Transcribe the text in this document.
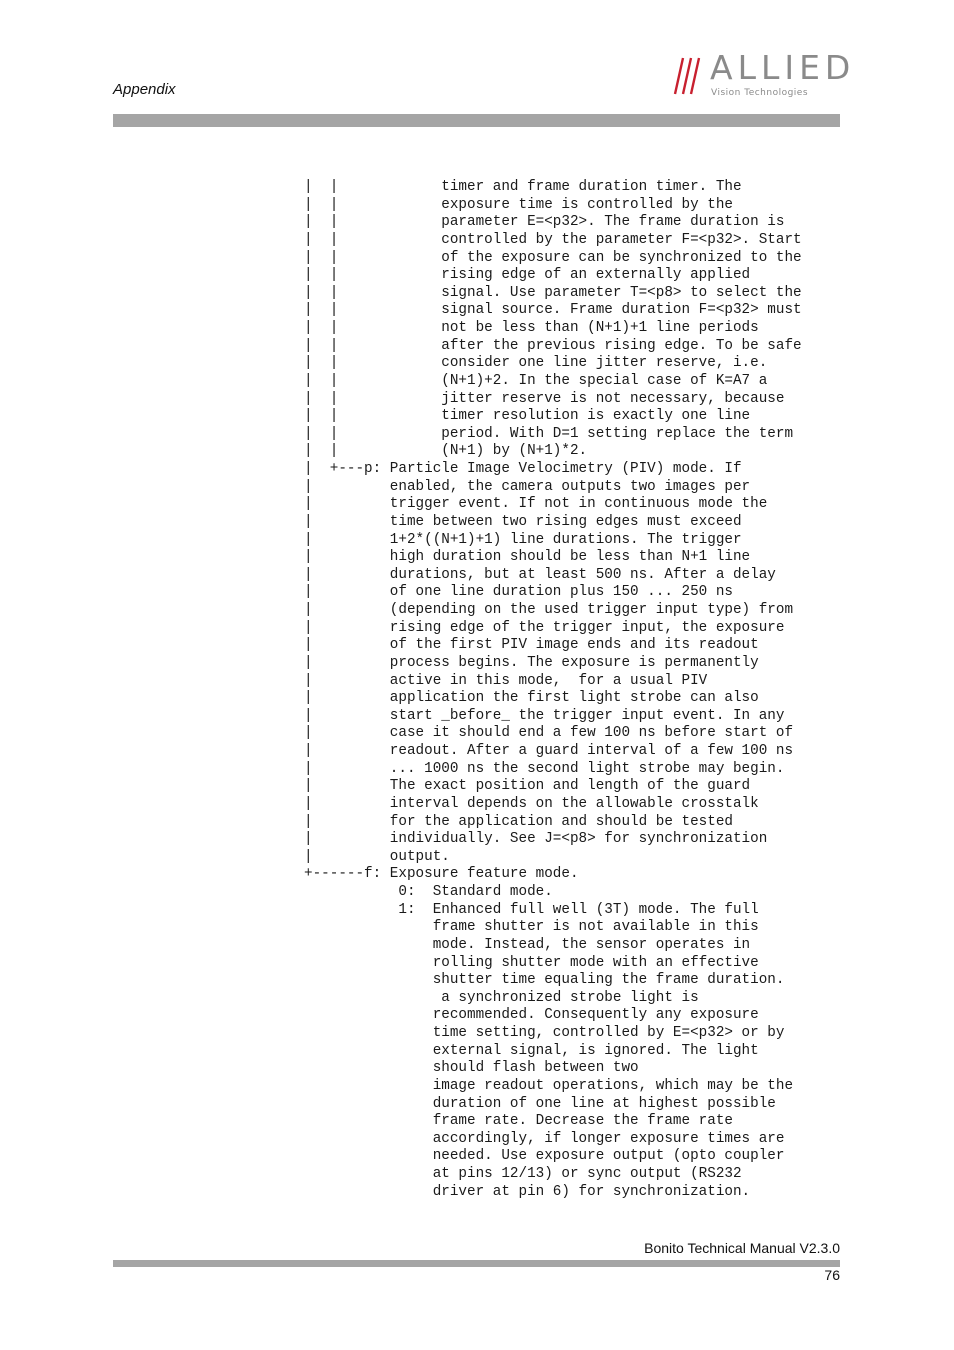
Appendix
ALLIED
Vision Technologies
|  |            timer and frame duration timer. The
|  |            exposure time is controlled by the
|  |            parameter E=<p32>. The frame duration is
|  |            controlled by the parameter F=<p32>. Start
|  |            of the exposure can be synchronized to the
|  |            rising edge of an externally applied
|  |            signal. Use parameter T=<p8> to select the
|  |            signal source. Frame duration F=<p32> must
|  |            not be less than (N+1)+1 line periods
|  |            after the previous rising edge. To be safe
|  |            consider one line jitter reserve, i.e.
|  |            (N+1)+2. In the special case of K=A7 a
|  |            jitter reserve is not necessary, because
|  |            timer resolution is exactly one line
|  |            period. With D=1 setting replace the term
|  |            (N+1) by (N+1)*2.
|  +---p: Particle Image Velocimetry (PIV) mode. If
|         enabled, the camera outputs two images per
|         trigger event. If not in continuous mode the
|         time between two rising edges must exceed
|         1+2*((N+1)+1) line durations. The trigger
|         high duration should be less than N+1 line
|         durations, but at least 500 ns. After a delay
|         of one line duration plus 150 ... 250 ns
|         (depending on the used trigger input type) from
|         rising edge of the trigger input, the exposure
|         of the first PIV image ends and its readout
|         process begins. The exposure is permanently
|         active in this mode,  for a usual PIV
|         application the first light strobe can also
|         start _before_ the trigger input event. In any
|         case it should end a few 100 ns before start of
|         readout. After a guard interval of a few 100 ns
|         ... 1000 ns the second light strobe may begin.
|         The exact position and length of the guard
|         interval depends on the allowable crosstalk
|         for the application and should be tested
|         individually. See J=<p8> for synchronization
|         output.
+------f: Exposure feature mode.
0:  Standard mode.
1:  Enhanced full well (3T) mode. The full
frame shutter is not available in this
mode. Instead, the sensor operates in
rolling shutter mode with an effective
shutter time equaling the frame duration.
a synchronized strobe light is
recommended. Consequently any exposure
time setting, controlled by E=<p32> or by
external signal, is ignored. The light
should flash between two
image readout operations, which may be the
duration of one line at highest possible
frame rate. Decrease the frame rate
accordingly, if longer exposure times are
needed. Use exposure output (opto coupler
at pins 12/13) or sync output (RS232
driver at pin 6) for synchronization.
Bonito Technical Manual V2.3.0
76
